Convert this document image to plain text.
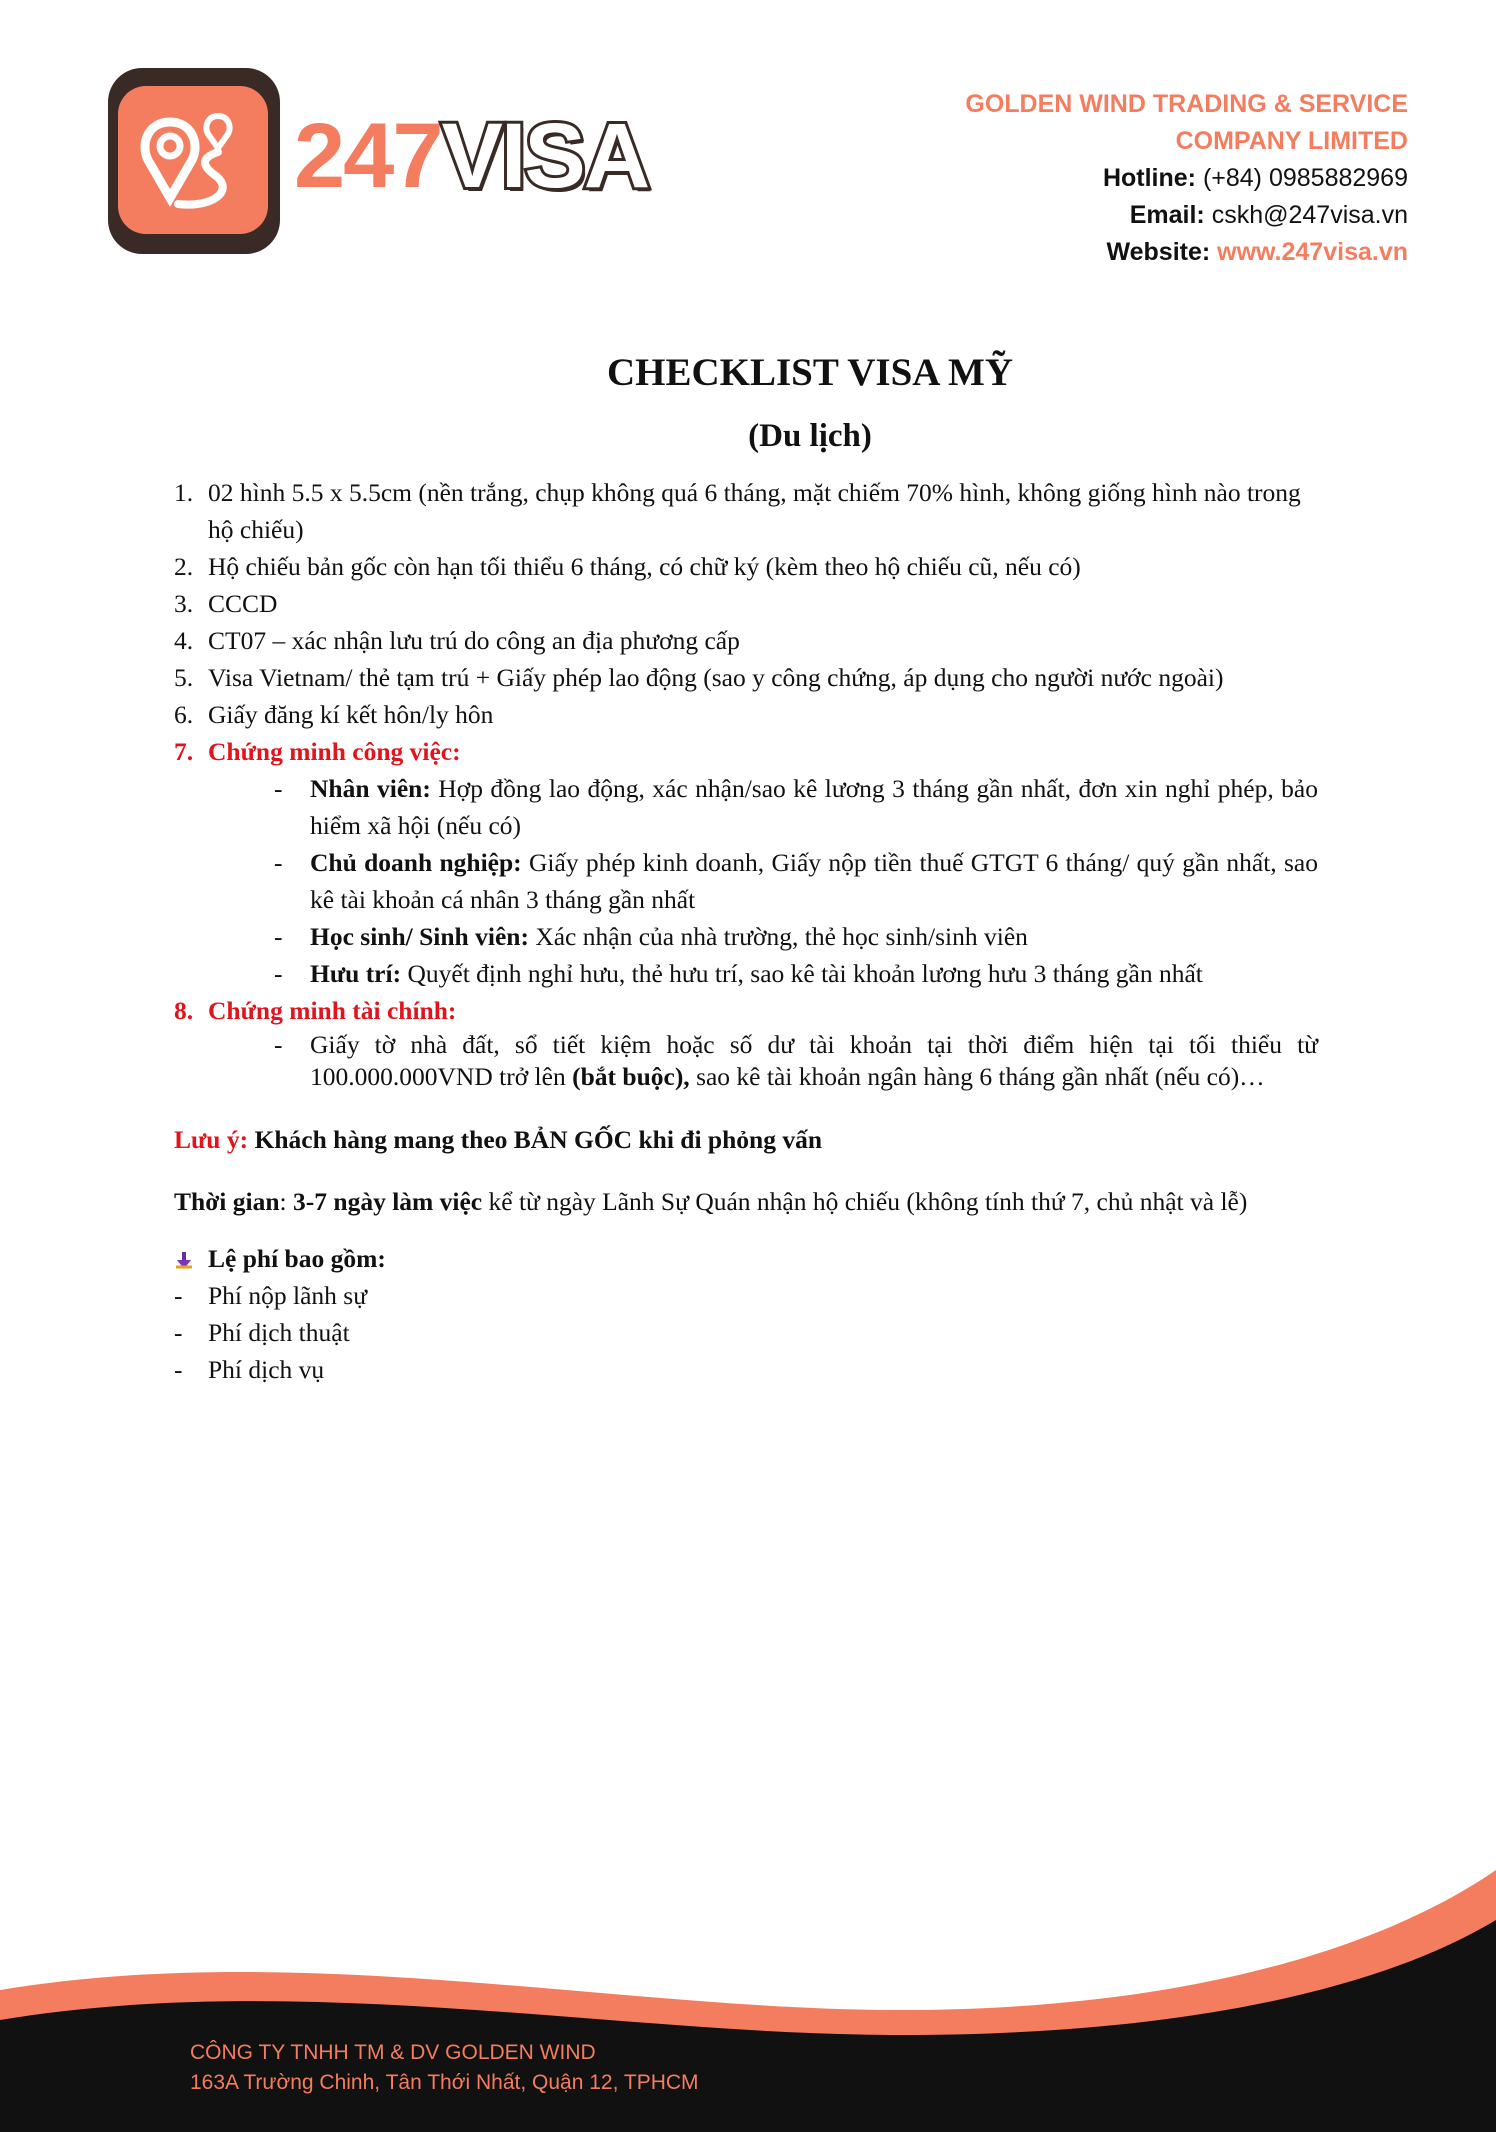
247VISA
GOLDEN WIND TRADING & SERVICE
COMPANY LIMITED
Hotline: (+84) 0985882969
Email: cskh@247visa.vn
Website: www.247visa.vn
CHECKLIST VISA MỸ
(Du lịch)
1. 02 hình 5.5 x 5.5cm (nền trắng, chụp không quá 6 tháng, mặt chiếm 70% hình, không giống hình nào trong hộ chiếu)
2. Hộ chiếu bản gốc còn hạn tối thiểu 6 tháng, có chữ ký (kèm theo hộ chiếu cũ, nếu có)
3. CCCD
4. CT07 – xác nhận lưu trú do công an địa phương cấp
5. Visa Vietnam/ thẻ tạm trú + Giấy phép lao động (sao y công chứng, áp dụng cho người nước ngoài)
6. Giấy đăng kí kết hôn/ly hôn
7. Chứng minh công việc:
- Nhân viên: Hợp đồng lao động, xác nhận/sao kê lương 3 tháng gần nhất, đơn xin nghỉ phép, bảo hiểm xã hội (nếu có)
- Chủ doanh nghiệp: Giấy phép kinh doanh, Giấy nộp tiền thuế GTGT 6 tháng/ quý gần nhất, sao kê tài khoản cá nhân 3 tháng gần nhất
- Học sinh/ Sinh viên: Xác nhận của nhà trường, thẻ học sinh/sinh viên
- Hưu trí: Quyết định nghỉ hưu, thẻ hưu trí, sao kê tài khoản lương hưu 3 tháng gần nhất
8. Chứng minh tài chính:
- Giấy tờ nhà đất, sổ tiết kiệm hoặc số dư tài khoản tại thời điểm hiện tại tối thiểu từ 100.000.000VND trở lên (bắt buộc), sao kê tài khoản ngân hàng 6 tháng gần nhất (nếu có)…
Lưu ý: Khách hàng mang theo BẢN GỐC khi đi phỏng vấn
Thời gian: 3-7 ngày làm việc kể từ ngày Lãnh Sự Quán nhận hộ chiếu (không tính thứ 7, chủ nhật và lễ)
Lệ phí bao gồm:
- Phí nộp lãnh sự
- Phí dịch thuật
- Phí dịch vụ
CÔNG TY TNHH TM & DV GOLDEN WIND
163A Trường Chinh, Tân Thới Nhất, Quận 12, TPHCM
